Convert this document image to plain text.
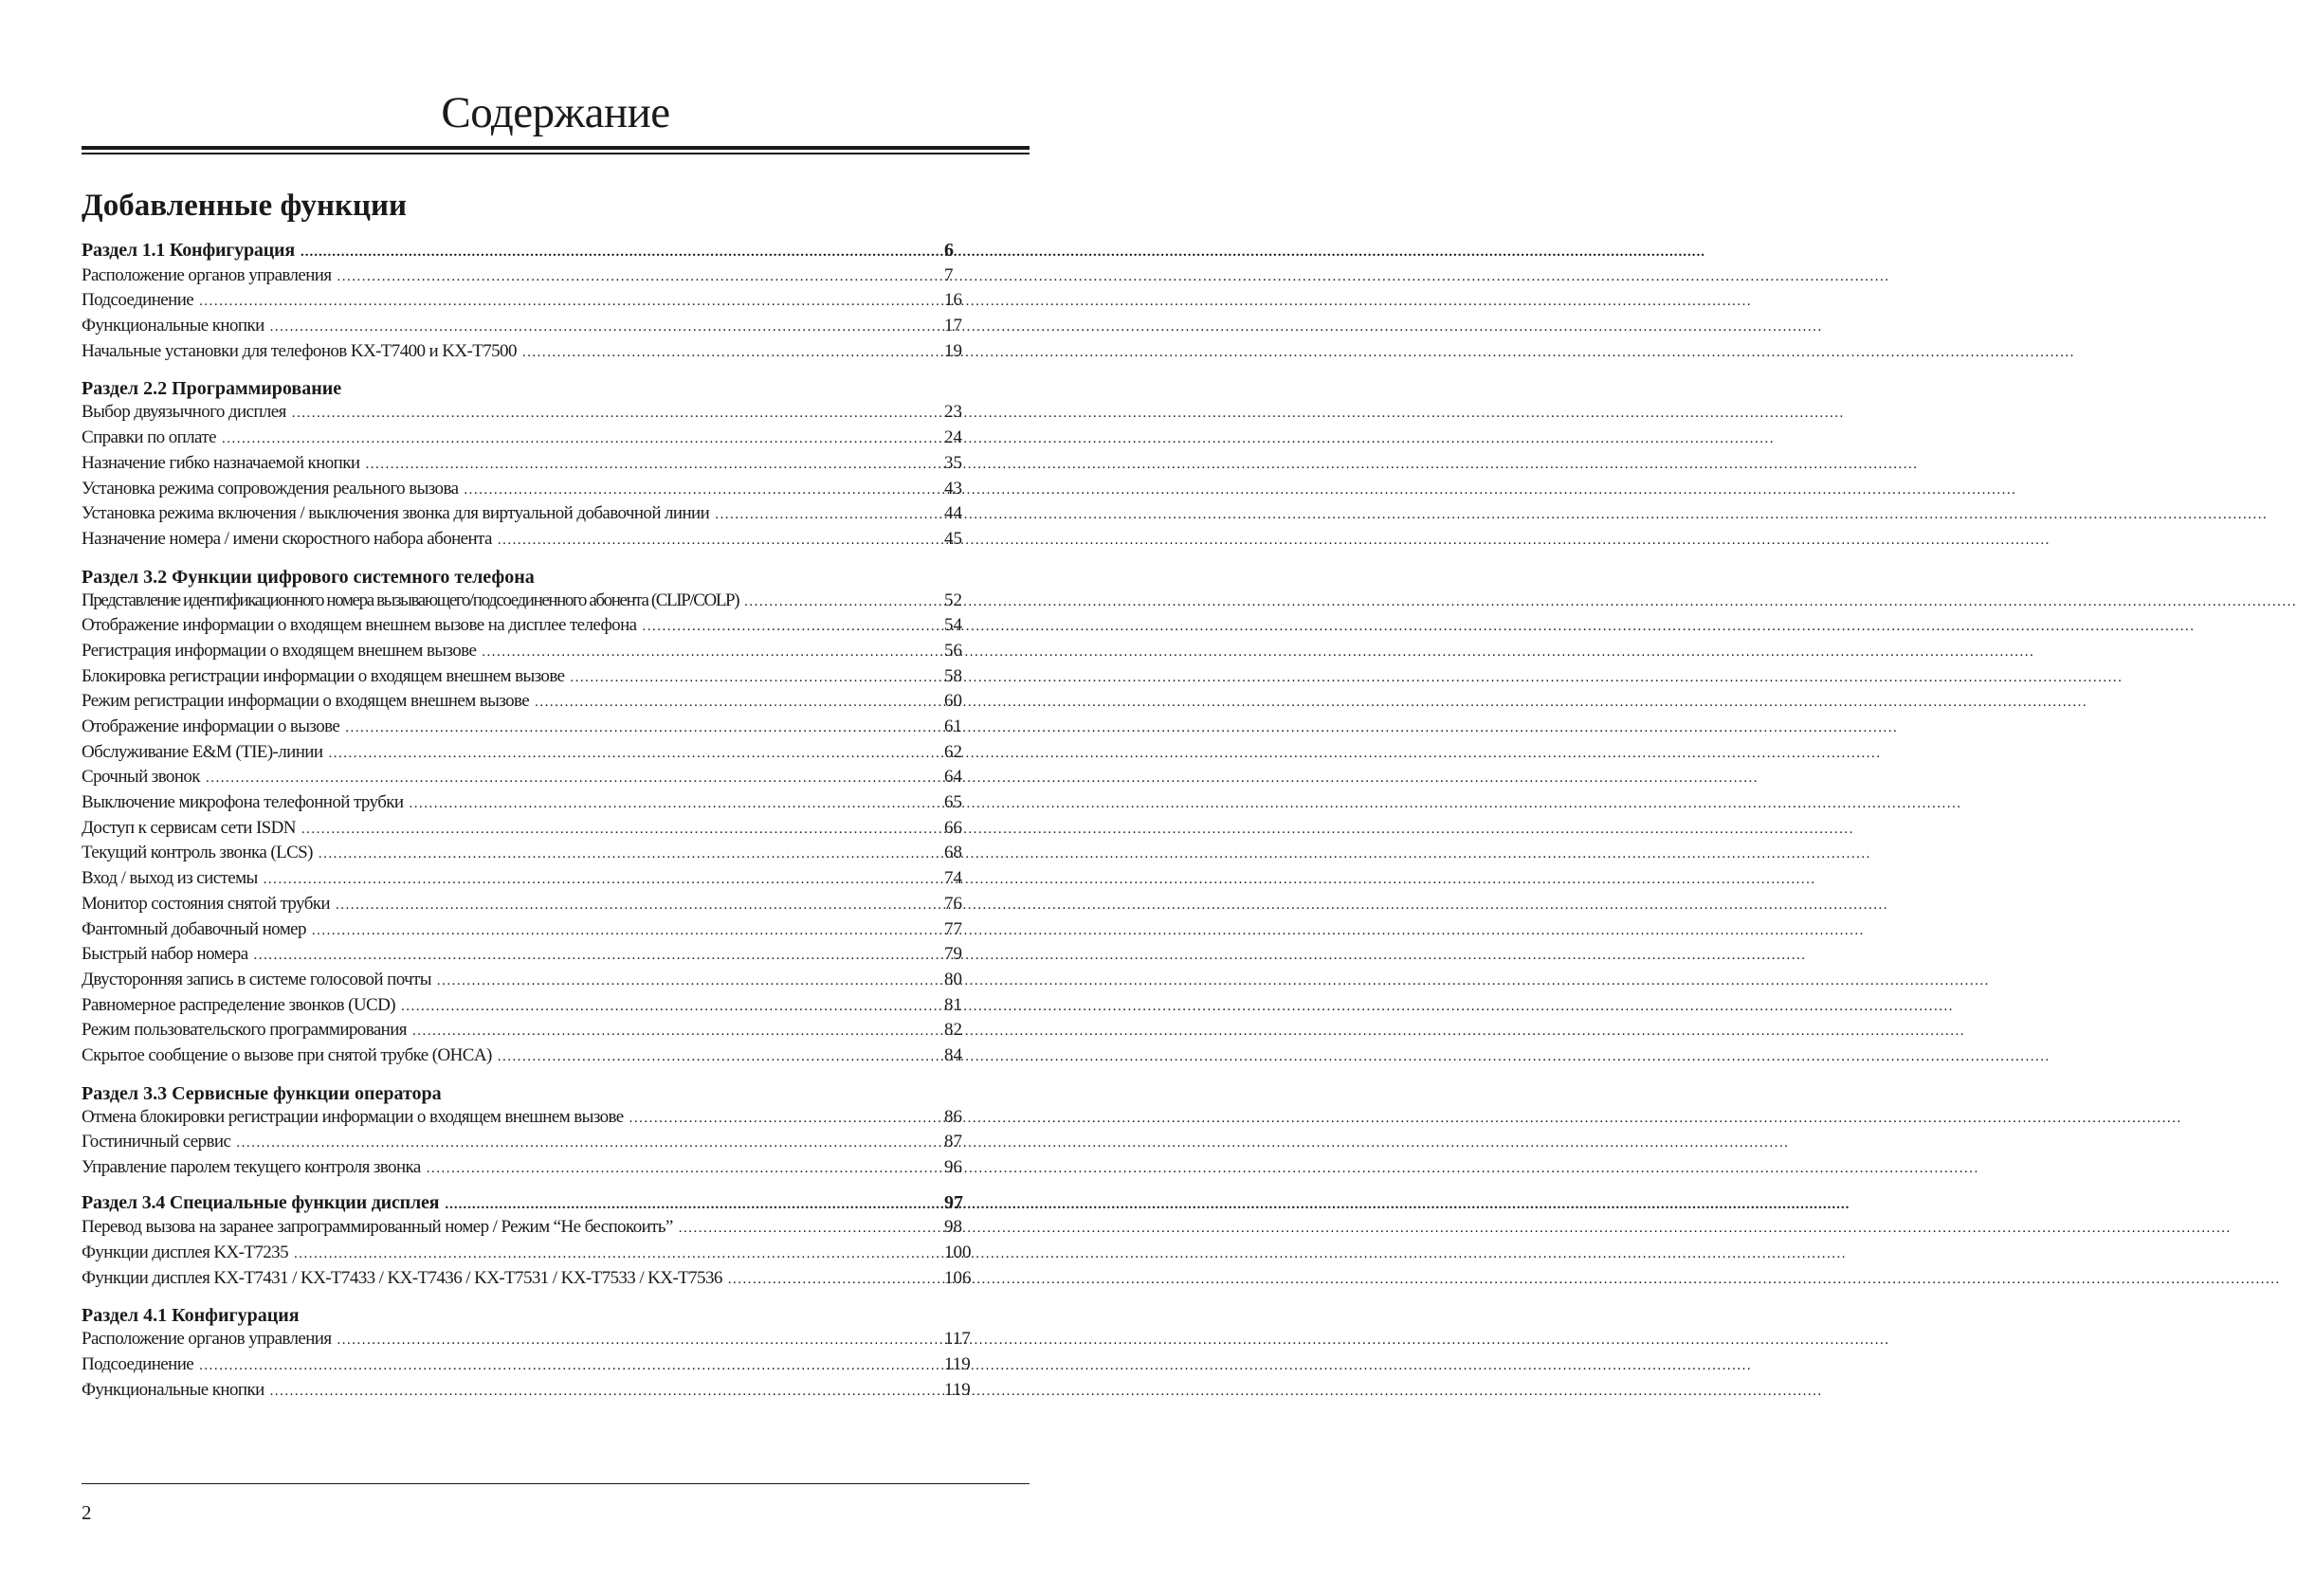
Содержание
Добавленные функции
Раздел 1.1 Конфигурация .....	6
Расположение органов управления .....	7
Подсоединение .....	16
Функциональные кнопки .....	17
Начальные установки для телефонов KX-T7400 и KX-T7500 .....	19
Раздел 2.2 Программирование
Выбор двуязычного дисплея .....	23
Справки по оплате .....	24
Назначение гибко назначаемой кнопки .....	35
Установка режима сопровождения реального вызова .....	43
Установка режима включения / выключения звонка для виртуальной добавочной линии .....	44
Назначение номера / имени скоростного набора абонента .....	45
Раздел 3.2 Функции цифрового системного телефона
Представление идентификационного номера вызывающего/подсоединенного абонента (CLIP/COLP) .....	52
Отображение информации о входящем внешнем вызове на дисплее телефона .....	54
Регистрация информации о входящем внешнем вызове .....	56
Блокировка регистрации информации о входящем внешнем вызове .....	58
Режим регистрации информации о входящем внешнем вызове .....	60
Отображение информации о вызове .....	61
Обслуживание E&M (TIE)-линии .....	62
Срочный звонок .....	64
Выключение микрофона телефонной трубки .....	65
Доступ к сервисам сети ISDN .....	66
Текущий контроль звонка (LCS) .....	68
Вход / выход из системы .....	74
Монитор состояния снятой трубки .....	76
Фантомный добавочный номер .....	77
Быстрый набор номера .....	79
Двусторонняя запись в системе голосовой почты .....	80
Равномерное распределение звонков (UCD) .....	81
Режим пользовательского программирования .....	82
Скрытое сообщение о вызове при снятой трубке (OHCA) .....	84
Раздел 3.3 Сервисные функции оператора
Отмена блокировки регистрации информации о входящем внешнем вызове .....	86
Гостиничный сервис .....	87
Управление паролем текущего контроля звонка .....	96
Раздел 3.4 Специальные функции дисплея .....	97
Перевод вызова на заранее запрограммированный номер / Режим “Не беспокоить” .....	98
Функции дисплея KX-T7235 .....	100
Функции дисплея KX-T7431 / KX-T7433 / KX-T7436 / KX-T7531 / KX-T7533 / KX-T7536 .....	106
Раздел 4.1 Конфигурация
Расположение органов управления .....	117
Подсоединение .....	119
Функциональные кнопки .....	119
2
